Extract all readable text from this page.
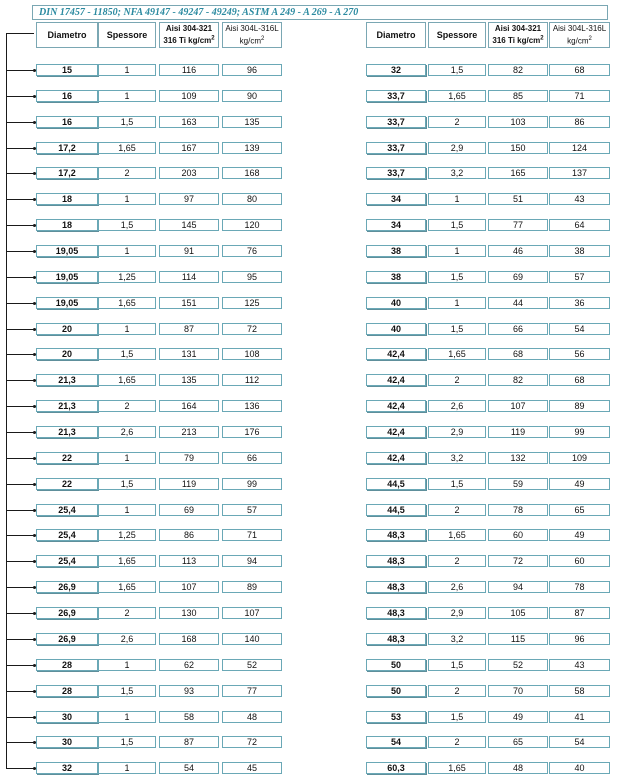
DIN 17457 - 11850; NFA 49147 - 49247 - 49249; ASTM A 249 - A 269 - A 270
Diametro Spessore
Aisi 304-321
316 Ti $kg/cm^2$
Aisi 304L-316L
$kg/cm^2$	Diametro Spessore
Aisi 304-321
316 Ti $kg/cm^2$
Aisi 304L-316L
$kg/cm^2$
15	1	116	96
16	1	109	90
16	1,5	163	135
17,2	1,65	167	139
17,2	2	203	168
18	1	97	80
18	1,5	145	120
19,05	1	91	76
19,05	1,25	114	95
19,05	1,65	151	125
20	1	87	72
20	1,5	131	108
21,3	1,65	135	112
21,3	2	164	136
21,3	2,6	213	176
22	1	79	66
22	1,5	119	99
25,4	1	69	57
25,4	1,25	86	71
25,4	1,65	113	94
26,9	1,65	107	89
26,9	2	130	107
26,9	2,6	168	140
28	1	62	52
28	1,5	93	77
30	1	58	48
30	1,5	87	72
32	1	54	45
32	1,5	82	68
33,7	1,65	85	71
33,7	2	103	86
33,7	2,9	150	124
33,7	3,2	165	137
34	1	51	43
34	1,5	77	64
38	1	46	38
38	1,5	69	57
40	1	44	36
40	1,5	66	54
42,4	1,65	68	56
42,4	2	82	68
42,4	2,6	107	89
42,4	2,9	119	99
42,4	3,2	132	109
44,5	1,5	59	49
44,5	2	78	65
48,3	1,65	60	49
48,3	2	72	60
48,3	2,6	94	78
48,3	2,9	105	87
48,3	3,2	115	96
50	1,5	52	43
50	2	70	58
53	1,5	49	41
54	2	65	54
60,3	1,65	48	40
